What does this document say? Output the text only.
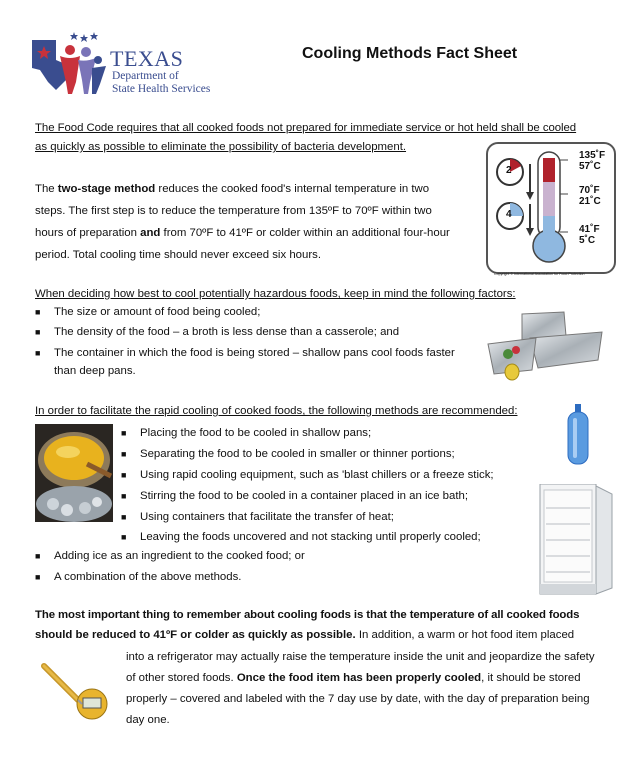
TEXAS
Department of
State Health Services
Cooling Methods Fact Sheet
The Food Code requires that all cooked foods not prepared for immediate service or hot held shall be cooled
as quickly as possible to eliminate the possibility of bacteria development.
The two-stage method reduces the cooked food's internal temperature in two
steps. The first step is to reduce the temperature from 135ºF to 70ºF within two
hours of preparation and from 70ºF to 41ºF or colder within an additional four-hour
period. Total cooling time should never exceed six hours.
2
4
135˚F
57˚C
70˚F
21˚C
41˚F
5˚C
Copyright © International Association for Food Protection
When deciding how best to cool potentially hazardous foods, keep in mind the following factors:
■ The size or amount of food being cooled;
■ The density of the food – a broth is less dense than a casserole; and
■ The container in which the food is being stored – shallow pans cool foods faster
than deep pans.
In order to facilitate the rapid cooling of cooked foods, the following methods are recommended:
■ Placing the food to be cooled in shallow pans;
■ Separating the food to be cooled in smaller or thinner portions;
■ Using rapid cooling equipment, such as 'blast chillers or a freeze stick;
■ Stirring the food to be cooled in a container placed in an ice bath;
■ Using containers that facilitate the transfer of heat;
■ Leaving the foods uncovered and not stacking until properly cooled;
■ Adding ice as an ingredient to the cooked food; or
■ A combination of the above methods.
The most important thing to remember about cooling foods is that the temperature of all cooked foods
should be reduced to 41ºF or colder as quickly as possible. In addition, a warm or hot food item placed
into a refrigerator may actually raise the temperature inside the unit and jeopardize the safety
of other stored foods. Once the food item has been properly cooled, it should be stored
properly – covered and labeled with the 7 day use by date, with the day of preparation being
day one.
